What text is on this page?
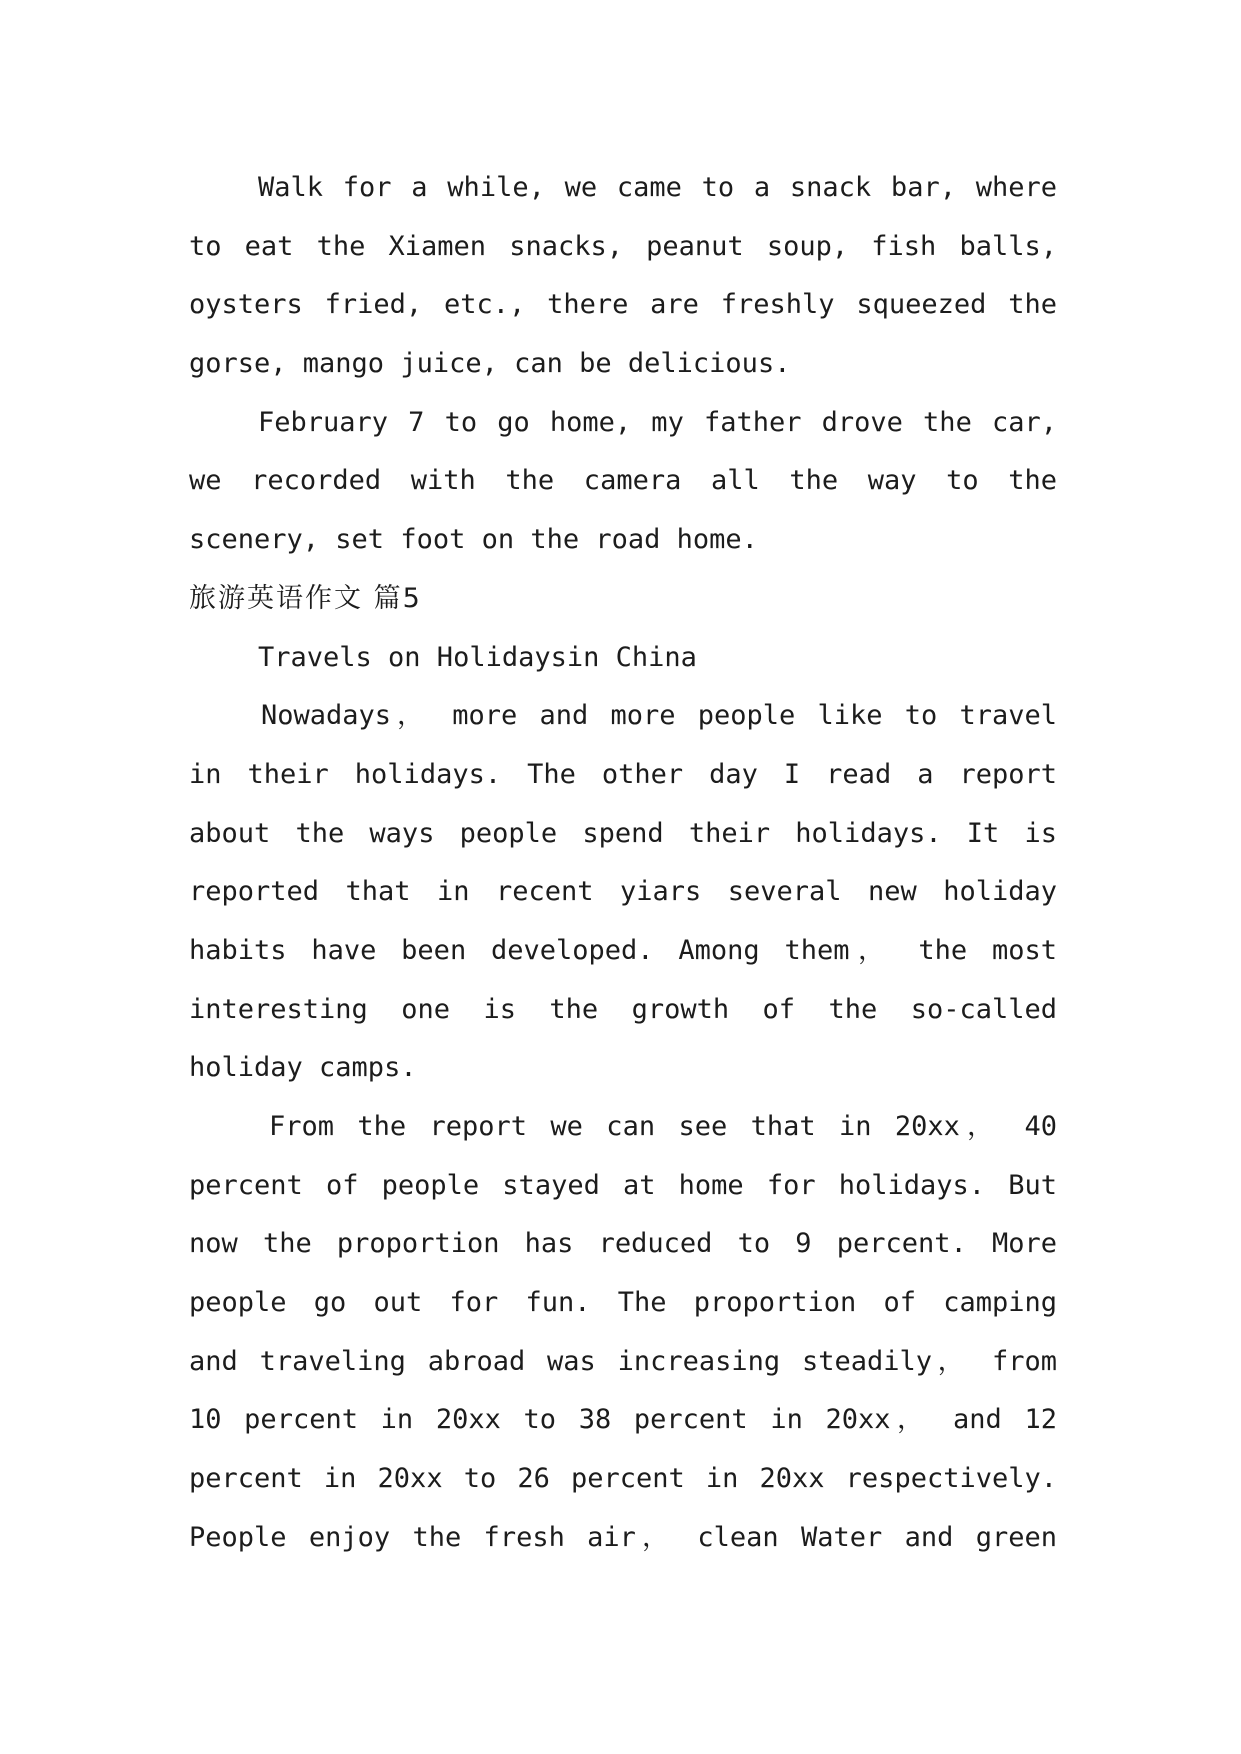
Walk for a while, we came to a snack bar, where
to eat the Xiamen snacks, peanut soup, fish balls,
oysters fried, etc., there are freshly squeezed the
gorse, mango juice, can be delicious.
February 7 to go home, my father drove the car,
we recorded with the camera all the way to the
scenery, set foot on the road home.
旅游英语作文 篇5
Travels on Holidaysin China
Nowadays， more and more people like to travel
in their holidays. The other day I read a report
about the ways people spend their holidays. It is
reported that in recent yiars several new holiday
habits have been developed. Among them， the most
interesting one is the growth of the so-called
holiday camps.
From the report we can see that in 20xx， 40
percent of people stayed at home for holidays. But
now the proportion has reduced to 9 percent. More
people go out for fun. The proportion of camping
and traveling abroad was increasing steadily， from
10 percent in 20xx to 38 percent in 20xx， and 12
percent in 20xx to 26 percent in 20xx respectively.
People enjoy the fresh air， clean Water and green
